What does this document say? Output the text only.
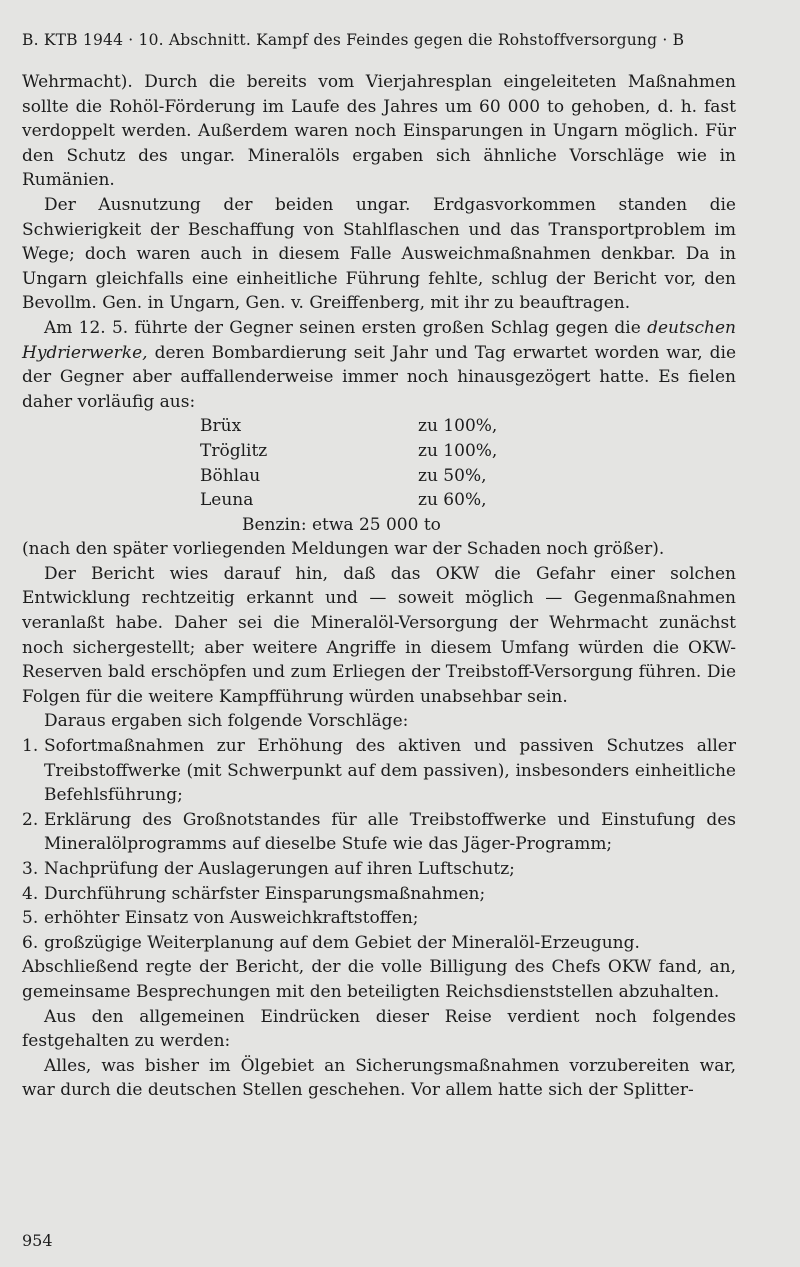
B. KTB 1944 · 10. Abschnitt. Kampf des Feindes gegen die Rohstoffversorgung · B

Wehrmacht). Durch die bereits vom Vierjahresplan eingeleiteten Maßnahmen sollte die Rohöl-Förderung im Laufe des Jahres um 60 000 to gehoben, d. h. fast verdoppelt werden. Außerdem waren noch Einsparungen in Ungarn möglich. Für den Schutz des ungar. Mineralöls ergaben sich ähnliche Vorschläge wie in Rumänien.

Der Ausnutzung der beiden ungar. Erdgasvorkommen standen die Schwierigkeit der Beschaffung von Stahlflaschen und das Transportproblem im Wege; doch waren auch in diesem Falle Ausweichmaßnahmen denkbar. Da in Ungarn gleichfalls eine einheitliche Führung fehlte, schlug der Bericht vor, den Bevollm. Gen. in Ungarn, Gen. v. Greiffenberg, mit ihr zu beauftragen.

Am 12. 5. führte der Gegner seinen ersten großen Schlag gegen die deutschen Hydrierwerke, deren Bombardierung seit Jahr und Tag erwartet worden war, die der Gegner aber auffallenderweise immer noch hinausgezögert hatte. Es fielen daher vorläufig aus:

Brüx	zu 100%,
Tröglitz	zu 100%,
Böhlau	zu 50%,
Leuna	zu 60%,

Benzin: etwa 25 000 to

(nach den später vorliegenden Meldungen war der Schaden noch größer).

Der Bericht wies darauf hin, daß das OKW die Gefahr einer solchen Entwicklung rechtzeitig erkannt und — soweit möglich — Gegenmaßnahmen veranlaßt habe. Daher sei die Mineralöl-Versorgung der Wehrmacht zunächst noch sichergestellt; aber weitere Angriffe in diesem Umfang würden die OKW-Reserven bald erschöpfen und zum Erliegen der Treibstoff-Versorgung führen. Die Folgen für die weitere Kampfführung würden unabsehbar sein.

Daraus ergaben sich folgende Vorschläge:

1. Sofortmaßnahmen zur Erhöhung des aktiven und passiven Schutzes aller Treibstoffwerke (mit Schwerpunkt auf dem passiven), insbesonders einheitliche Befehlsführung;
2. Erklärung des Großnotstandes für alle Treibstoffwerke und Einstufung des Mineralölprogramms auf dieselbe Stufe wie das Jäger-Programm;
3. Nachprüfung der Auslagerungen auf ihren Luftschutz;
4. Durchführung schärfster Einsparungsmaßnahmen;
5. erhöhter Einsatz von Ausweichkraftstoffen;
6. großzügige Weiterplanung auf dem Gebiet der Mineralöl-Erzeugung.

Abschließend regte der Bericht, der die volle Billigung des Chefs OKW fand, an, gemeinsame Besprechungen mit den beteiligten Reichsdienststellen abzuhalten.

Aus den allgemeinen Eindrücken dieser Reise verdient noch folgendes festgehalten zu werden:

Alles, was bisher im Ölgebiet an Sicherungsmaßnahmen vorzubereiten war, war durch die deutschen Stellen geschehen. Vor allem hatte sich der Splitter-

954
